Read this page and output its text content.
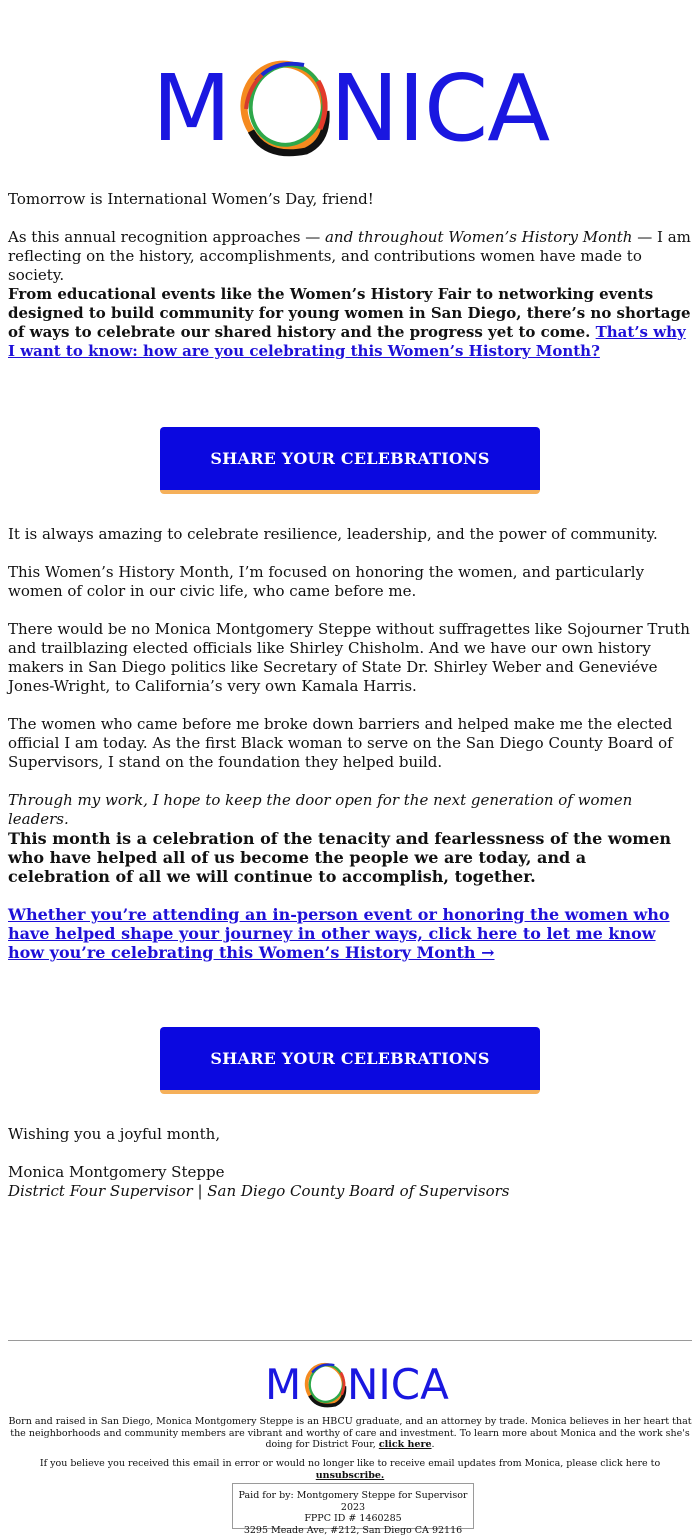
M NICA

Tomorrow is International Women’s Day, friend!

As this annual recognition approaches — and throughout Women’s History Month — I am reflecting on the history, accomplishments, and contributions women have made to society.

From educational events like the Women’s History Fair to networking events designed to build community for young women in San Diego, there’s no shortage of ways to celebrate our shared history and the progress yet to come. That’s why I want to know: how are you celebrating this Women’s History Month?

SHARE YOUR CELEBRATIONS

It is always amazing to celebrate resilience, leadership, and the power of community.

This Women’s History Month, I’m focused on honoring the women, and particularly women of color in our civic life, who came before me.

There would be no Monica Montgomery Steppe without suffragettes like Sojourner Truth and trailblazing elected officials like Shirley Chisholm. And we have our own history makers in San Diego politics like Secretary of State Dr. Shirley Weber and Geneviéve Jones-Wright, to California’s very own Kamala Harris.

The women who came before me broke down barriers and helped make me the elected official I am today. As the first Black woman to serve on the San Diego County Board of Supervisors, I stand on the foundation they helped build.

Through my work, I hope to keep the door open for the next generation of women leaders.

This month is a celebration of the tenacity and fearlessness of the women who have helped all of us become the people we are today, and a celebration of all we will continue to accomplish, together.

Whether you’re attending an in-person event or honoring the women who have helped shape your journey in other ways, click here to let me know how you’re celebrating this Women’s History Month →

SHARE YOUR CELEBRATIONS

Wishing you a joyful month,

Monica Montgomery Steppe

District Four Supervisor | San Diego County Board of Supervisors

M NICA

Born and raised in San Diego, Monica Montgomery Steppe is an HBCU graduate, and an attorney by trade. Monica believes in her heart that the neighborhoods and community members are vibrant and worthy of care and investment. To learn more about Monica and the work she's doing for District Four, click here.

If you believe you received this email in error or would no longer like to receive email updates from Monica, please click here to unsubscribe.

Paid for by: Montgomery Steppe for Supervisor 2023
FPPC ID # 1460285
3295 Meade Ave, #212, San Diego CA 92116
